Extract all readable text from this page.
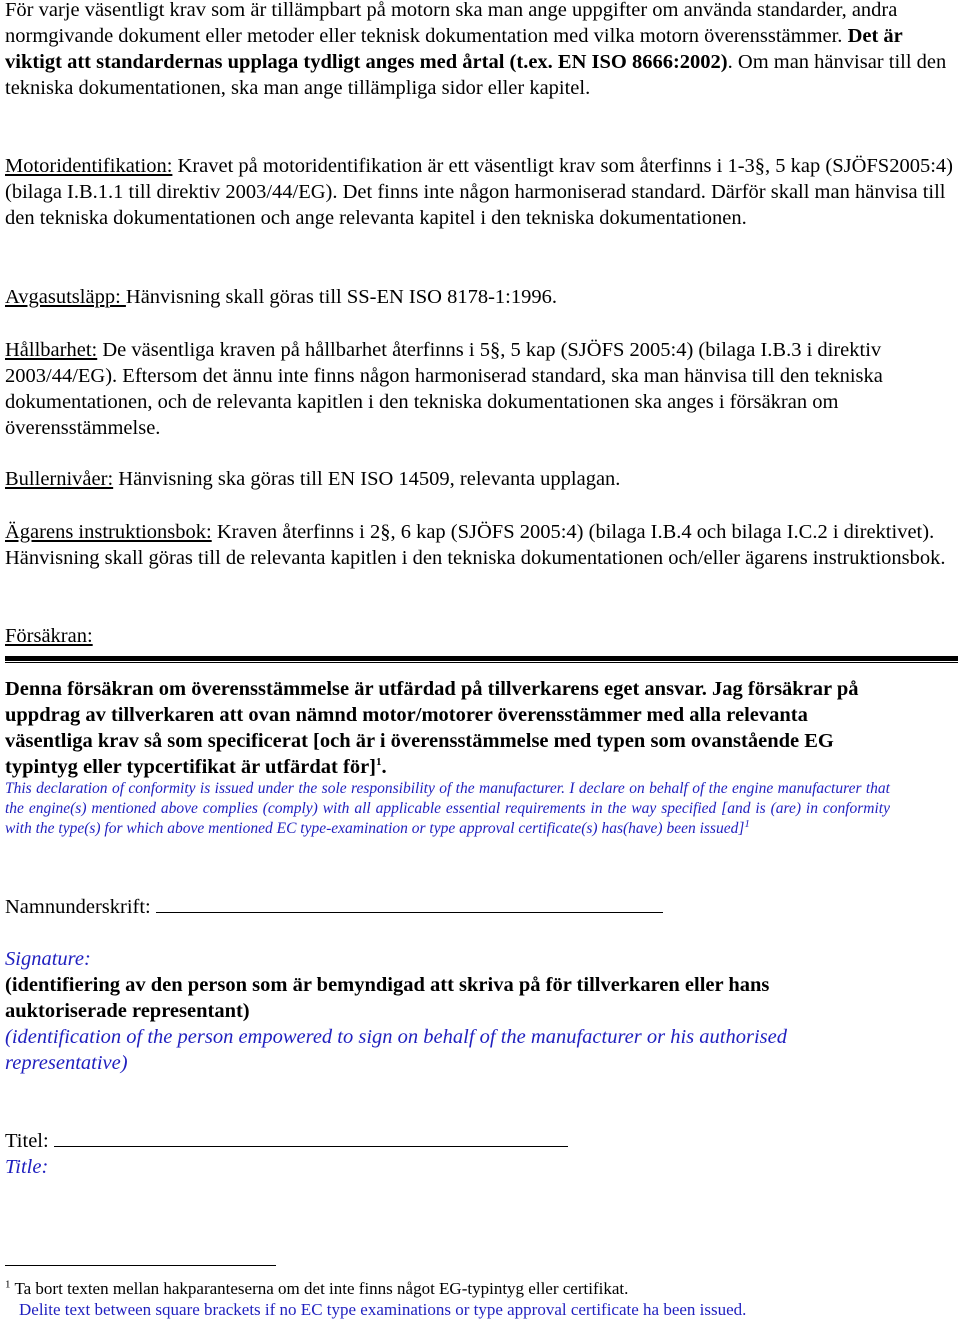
För varje väsentligt krav som är tillämpbart på motorn ska man ange uppgifter om använda standarder, andra normgivande dokument eller metoder eller teknisk dokumentation med vilka motorn överensstämmer. Det är viktigt att standardernas upplaga tydligt anges med årtal (t.ex. EN ISO 8666:2002). Om man hänvisar till den tekniska dokumentationen, ska man ange tillämpliga sidor eller kapitel.

Motoridentifikation: Kravet på motoridentifikation är ett väsentligt krav som återfinns i 1-3§, 5 kap (SJÖFS2005:4) (bilaga I.B.1.1 till direktiv 2003/44/EG). Det finns inte någon harmoniserad standard. Därför skall man hänvisa till den tekniska dokumentationen och ange relevanta kapitel i den tekniska dokumentationen.

Avgasutsläpp: Hänvisning skall göras till SS-EN ISO 8178-1:1996.

Hållbarhet: De väsentliga kraven på hållbarhet återfinns i 5§, 5 kap (SJÖFS 2005:4) (bilaga I.B.3 i direktiv 2003/44/EG). Eftersom det ännu inte finns någon harmoniserad standard, ska man hänvisa till den tekniska dokumentationen, och de relevanta kapitlen i den tekniska dokumentationen ska anges i försäkran om överensstämmelse.

Bullernivåer: Hänvisning ska göras till EN ISO 14509, relevanta upplagan.

Ägarens instruktionsbok: Kraven återfinns i 2§, 6 kap (SJÖFS 2005:4) (bilaga I.B.4 och bilaga I.C.2 i direktivet). Hänvisning skall göras till de relevanta kapitlen i den tekniska dokumentationen och/eller ägarens instruktionsbok.

Försäkran:

Denna försäkran om överensstämmelse är utfärdad på tillverkarens eget ansvar. Jag försäkrar på uppdrag av tillverkaren att ovan nämnd motor/motorer överensstämmer med alla relevanta väsentliga krav så som specificerat [och är i överensstämmelse med typen som ovanstående EG typintyg eller typcertifikat är utfärdat för]$^1$.

This declaration of conformity is issued under the sole responsibility of the manufacturer. I declare on behalf of the engine manufacturer that the engine(s) mentioned above complies (comply) with all applicable essential requirements in the way specified [and is (are) in conformity with the type(s) for which above mentioned EC type-examination or type approval certificate(s) has(have) been issued]$^1$

Namnunderskrift:

Signature:

(identifiering av den person som är bemyndigad att skriva på för tillverkaren eller hans auktoriserade representant)

(identification of the person empowered to sign on behalf of the manufacturer or his authorised representative)

Titel:

Title:

$^1$ Ta bort texten mellan hakparanteserna om det inte finns något EG-typintyg eller certifikat.

Delite text between square brackets if no EC type examinations or type approval certificate ha been issued.
